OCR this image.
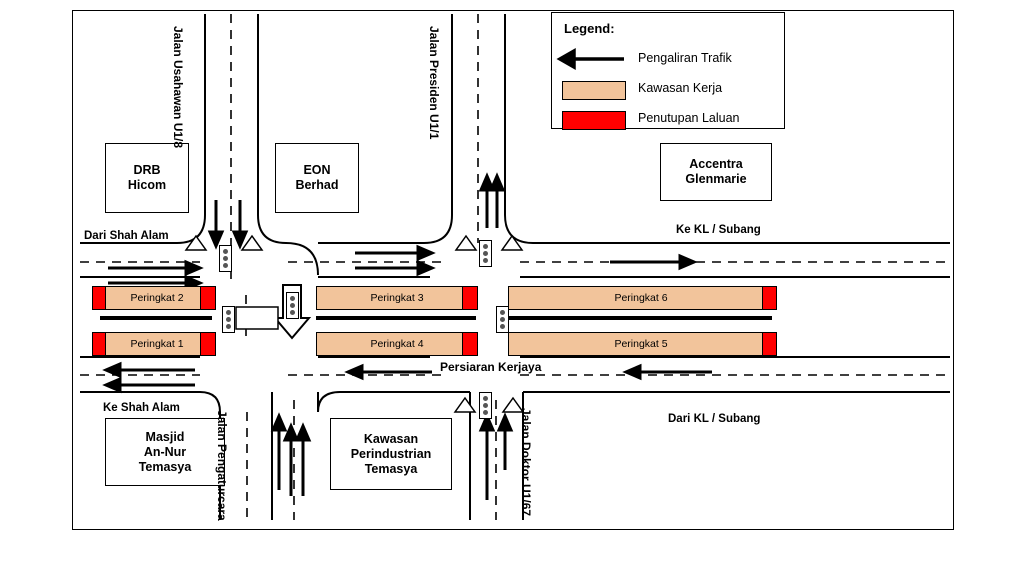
Peringkat 2	Peringkat 3	Peringkat 6
Peringkat 1	Peringkat 4	Peringkat 5
DRB
Hicom
EON
Berhad
Accentra
Glenmarie
Masjid
An-Nur
Temasya
Kawasan
Perindustrian
Temasya
Jalan Usahawan U1/8	Jalan Presiden U1/1
Jalan Pengaturcara	Jalan Doktor U1/67
Persiaran Kerjaya
Dari Shah Alam	Ke KL / Subang
Ke Shah Alam
Dari KL / Subang
Legend:
Pengaliran Trafik
Kawasan Kerja
Penutupan Laluan
